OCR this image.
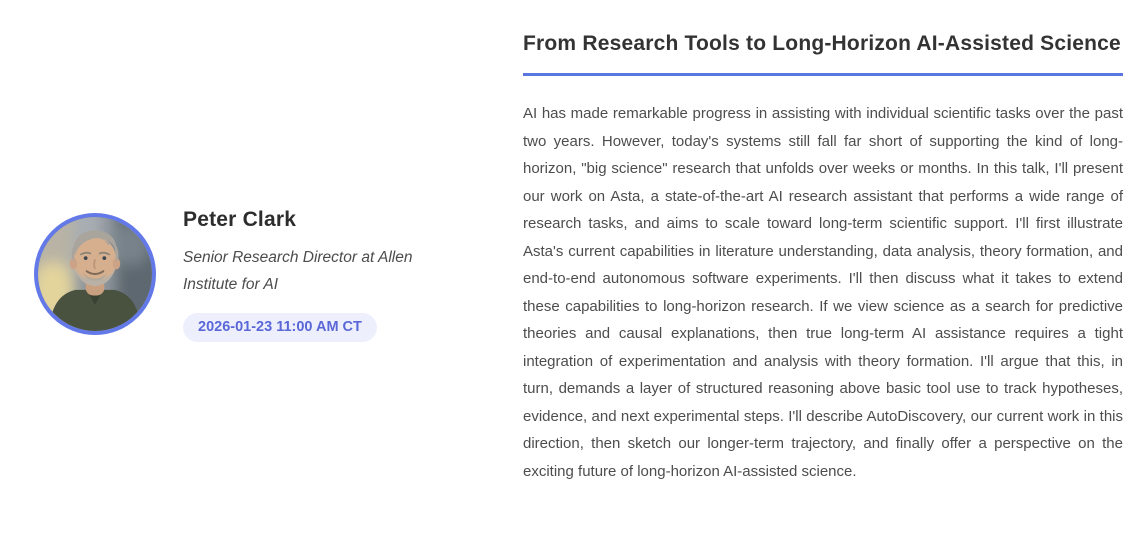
Peter Clark
Senior Research Director at Allen Institute for AI
2026-01-23 11:00 AM CT
From Research Tools to Long-Horizon AI-Assisted Science

AI has made remarkable progress in assisting with individual scientific tasks over the past two years. However, today's systems still fall far short of supporting the kind of long-horizon, "big science" research that unfolds over weeks or months. In this talk, I'll present our work on Asta, a state-of-the-art AI research assistant that performs a wide range of research tasks, and aims to scale toward long-term scientific support. I'll first illustrate Asta's current capabilities in literature understanding, data analysis, theory formation, and end-to-end autonomous software experiments. I'll then discuss what it takes to extend these capabilities to long-horizon research. If we view science as a search for predictive theories and causal explanations, then true long-term AI assistance requires a tight integration of experimentation and analysis with theory formation. I'll argue that this, in turn, demands a layer of structured reasoning above basic tool use to track hypotheses, evidence, and next experimental steps. I'll describe AutoDiscovery, our current work in this direction, then sketch our longer-term trajectory, and finally offer a perspective on the exciting future of long-horizon AI-assisted science.
